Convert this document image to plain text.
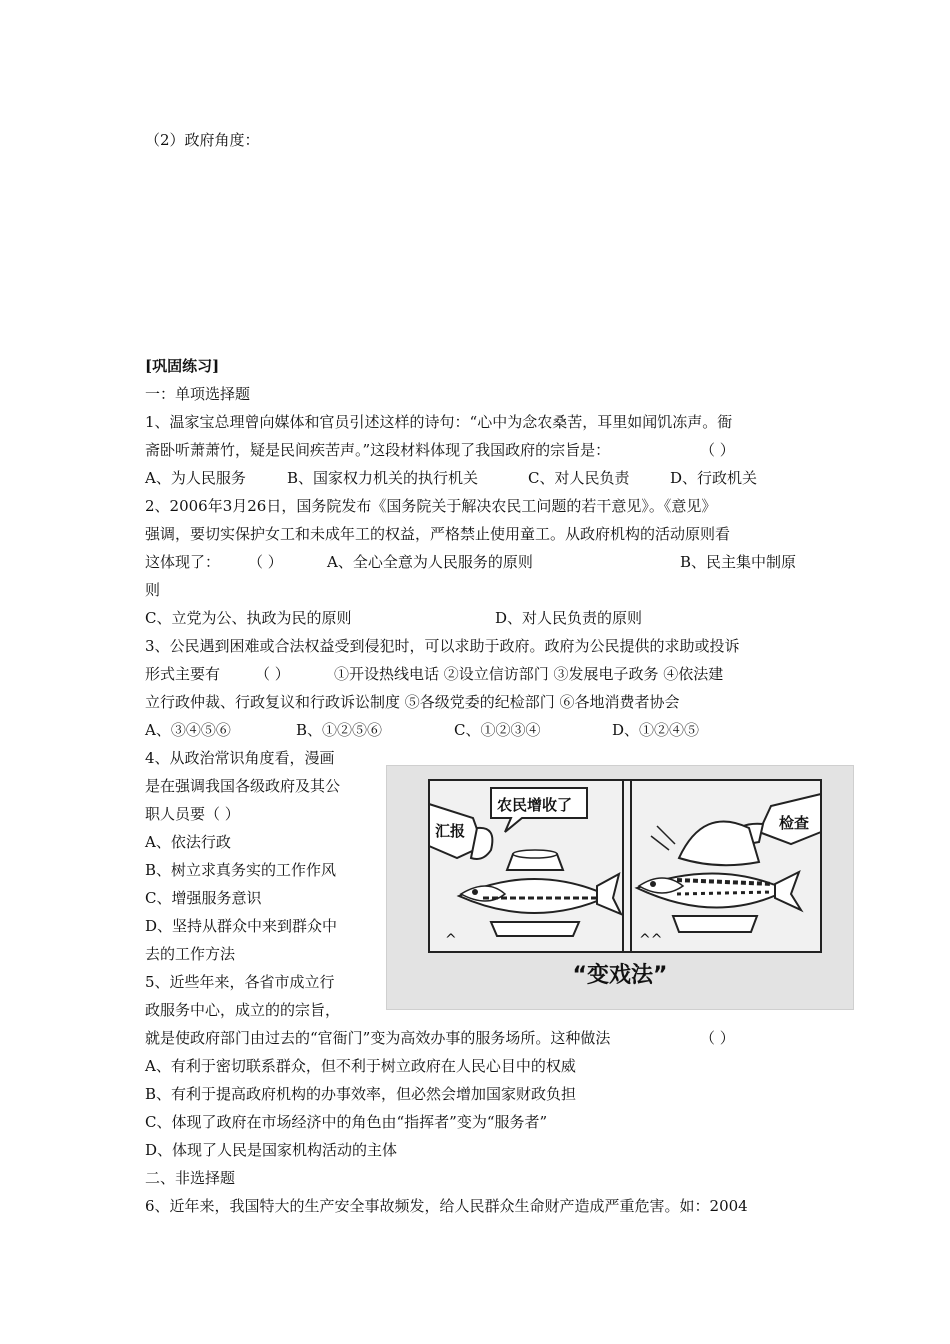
（2）政府角度：
[巩固练习]
一：单项选择题
1、温家宝总理曾向媒体和官员引述这样的诗句：“心中为念农桑苦，耳里如闻饥冻声。衙
斋卧听萧萧竹，疑是民间疾苦声。”这段材料体现了我国政府的宗旨是：	（ ）
A、为人民服务	B、国家权力机关的执行机关	C、对人民负责	D、行政机关
2、2006年3月26日，国务院发布《国务院关于解决农民工问题的若干意见》。《意见》
强调，要切实保护女工和未成年工的权益，严格禁止使用童工。从政府机构的活动原则看
这体现了： （ ）	A、全心全意为人民服务的原则	B、民主集中制原
则
C、立党为公、执政为民的原则	D、对人民负责的原则
3、公民遇到困难或合法权益受到侵犯时，可以求助于政府。政府为公民提供的求助或投诉
形式主要有 （ ）	①开设热线电话 ②设立信访部门 ③发展电子政务 ④依法建
立行政仲裁、行政复议和行政诉讼制度 ⑤各级党委的纪检部门 ⑥各地消费者协会
A、③④⑤⑥	B、①②⑤⑥	C、①②③④	D、①②④⑤
4、从政治常识角度看，漫画
是在强调我国各级政府及其公
职人员要（ ）
A、依法行政
B、树立求真务实的工作作风
C、增强服务意识
D、坚持从群众中来到群众中
去的工作方法
农民增收了
汇报
^
检查
^^
“变戏法”
5、近些年来，各省市成立行
政服务中心，成立的的宗旨，
就是使政府部门由过去的“官衙门”变为高效办事的服务场所。这种做法	（ ）
A、有利于密切联系群众，但不利于树立政府在人民心目中的权威
B、有利于提高政府机构的办事效率，但必然会增加国家财政负担
C、体现了政府在市场经济中的角色由“指挥者”变为“服务者”
D、体现了人民是国家机构活动的主体
二、非选择题
6、近年来，我国特大的生产安全事故频发，给人民群众生命财产造成严重危害。如：2004
